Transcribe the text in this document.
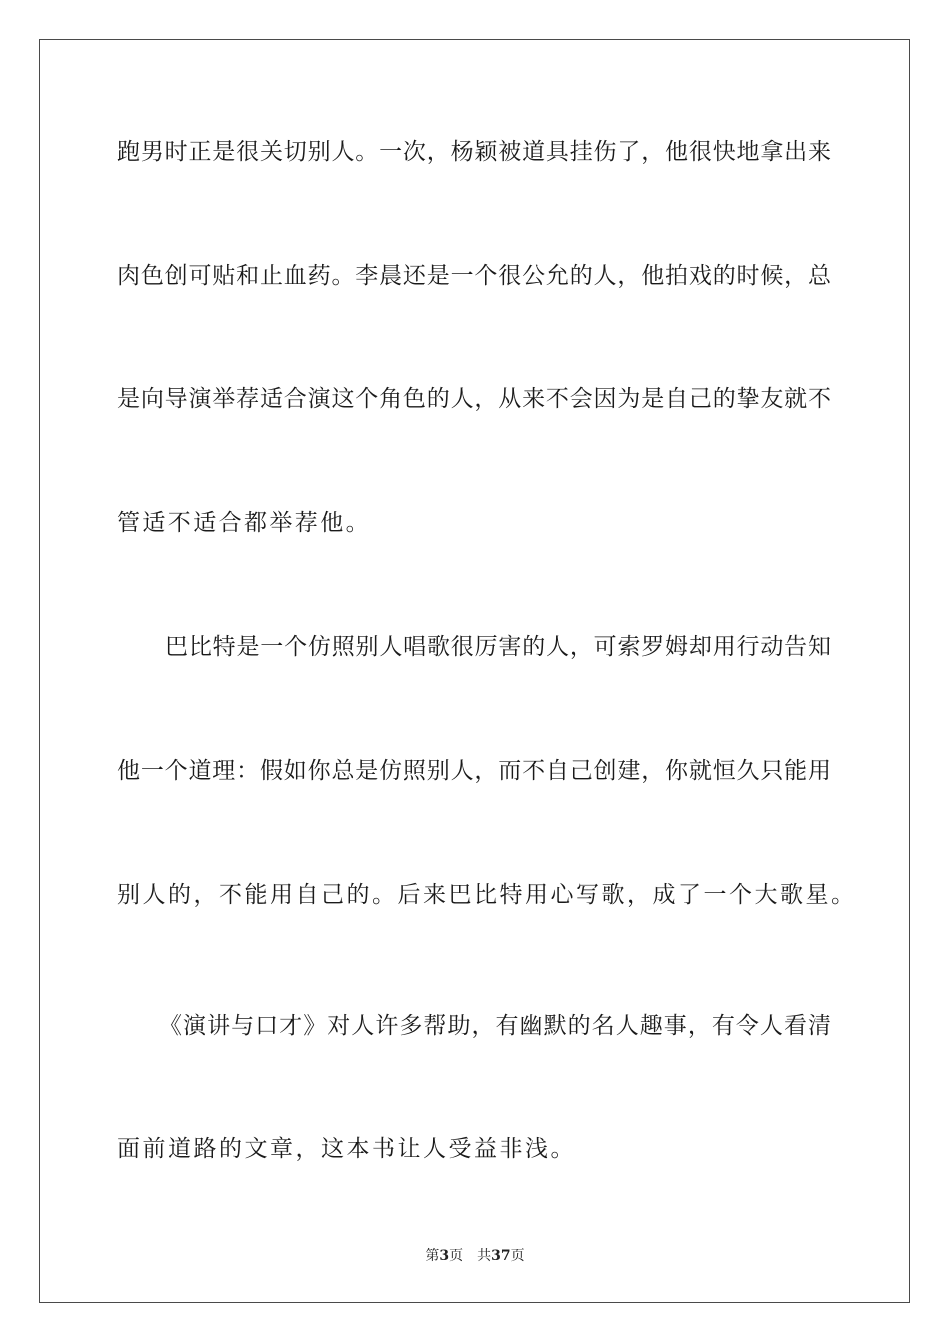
跑男时正是很关切别人。一次，杨颖被道具挂伤了，他很快地拿出来
肉色创可贴和止血药。李晨还是一个很公允的人，他拍戏的时候，总
是向导演举荐适合演这个角色的人，从来不会因为是自己的挚友就不
管适不适合都举荐他。
巴比特是一个仿照别人唱歌很厉害的人，可索罗姆却用行动告知
他一个道理：假如你总是仿照别人，而不自己创建，你就恒久只能用
别人的，不能用自己的。后来巴比特用心写歌，成了一个大歌星。
《演讲与口才》对人许多帮助，有幽默的名人趣事，有令人看清
面前道路的文章，这本书让人受益非浅。
第3页 共37页
